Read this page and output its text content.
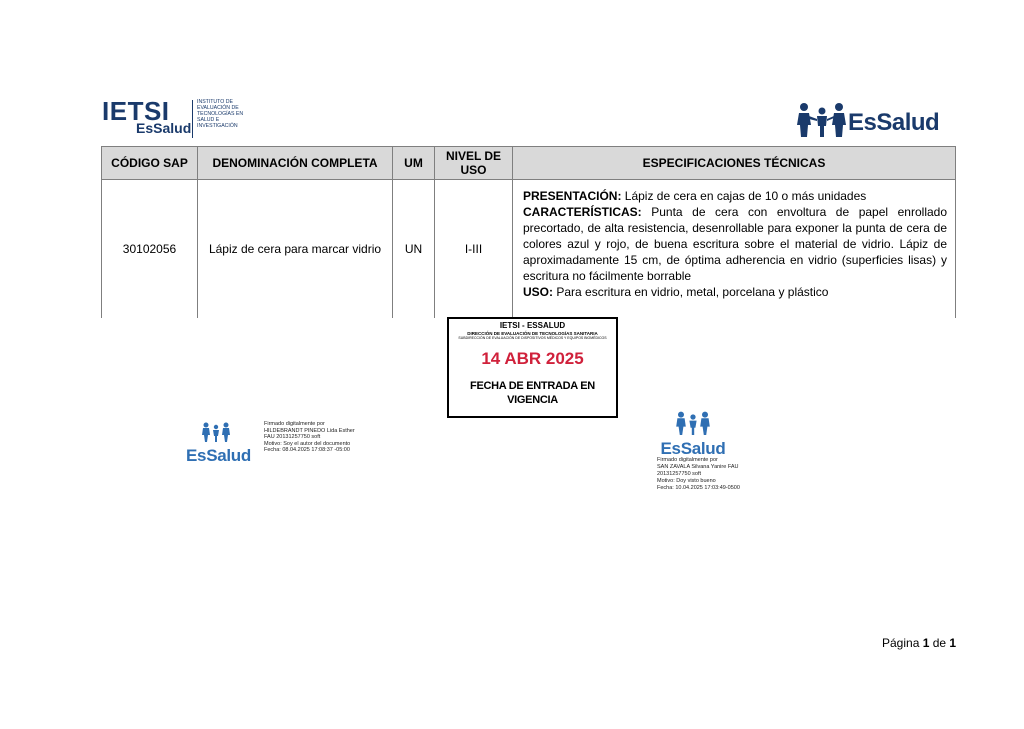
IETSI
EsSalud
INSTITUTO DE
EVALUACIÓN DE
TECNOLOGÍAS EN
SALUD E
INVESTIGACIÓN	EsSalud
CÓDIGO SAP	DENOMINACIÓN COMPLETA	UM	NIVEL DE USO	ESPECIFICACIONES TÉCNICAS
30102056	Lápiz de cera para marcar vidrio	UN	I-III	PRESENTACIÓN: Lápiz de cera en cajas de 10 o más unidades
CARACTERÍSTICAS: Punta de cera con envoltura de papel enrollado precortado, de alta resistencia, desenrollable para exponer la punta de cera de colores azul y rojo, de buena escritura sobre el material de vidrio. Lápiz de aproximadamente 15 cm, de óptima adherencia en vidrio (superficies lisas) y escritura no fácilmente borrable
USO: Para escritura en vidrio, metal, porcelana y plástico
IETSI - ESSALUD
DIRECCIÓN DE EVALUACIÓN DE TECNOLOGÍAS SANITARIA
SUBDIRECCIÓN DE EVALUACIÓN DE DISPOSITIVOS MÉDICOS Y EQUIPOS BIOMÉDICOS
14 ABR 2025
FECHA DE ENTRADA EN VIGENCIA
EsSalud
Firmado digitalmente por
HILDEBRANDT PINEDO Lida Esther
FAU 20131257750 soft
Motivo: Soy el autor del documento
Fecha: 08.04.2025 17:08:37 -05:00	EsSalud
Firmado digitalmente por
SAN ZAVALA Silvana Yanire FAU
20131257750 soft
Motivo: Doy visto bueno
Fecha: 10.04.2025 17:03:49-0500
Página 1 de 1
